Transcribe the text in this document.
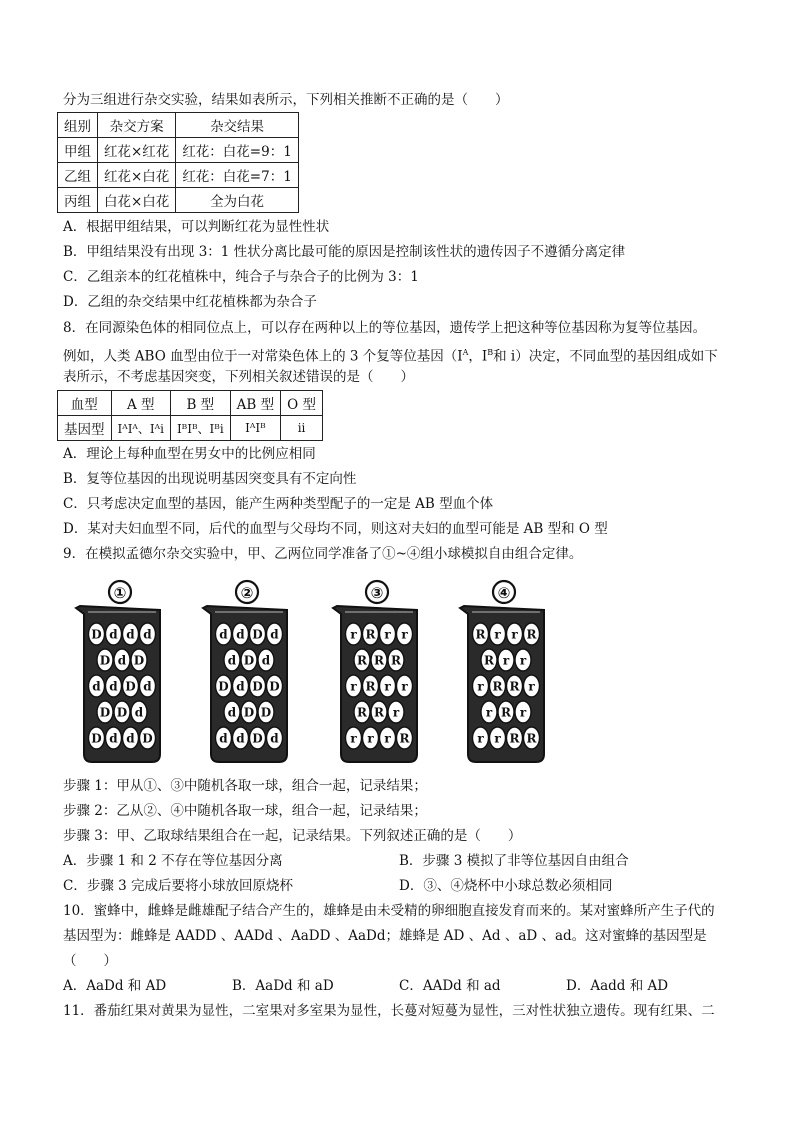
分为三组进行杂交实验，结果如表所示，下列相关推断不正确的是（　　）
组别	杂交方案	杂交结果
甲组	红花×红花	红花：白花=9：1
乙组	红花×白花	红花：白花=7：1
丙组	白花×白花	全为白花
A．根据甲组结果，可以判断红花为显性性状
B．甲组结果没有出现 3：1 性状分离比最可能的原因是控制该性状的遗传因子不遵循分离定律
C．乙组亲本的红花植株中，纯合子与杂合子的比例为 3：1
D．乙组的杂交结果中红花植株都为杂合子
8．在同源染色体的相同位点上，可以存在两种以上的等位基因，遗传学上把这种等位基因称为复等位基因。
例如，人类 ABO 血型由位于一对常染色体上的 3 个复等位基因（$I^A$，$I^B$和 i）决定，不同血型的基因组成如下
表所示，不考虑基因突变，下列相关叙述错误的是（　　）
血型	A 型	B 型	AB 型	O 型
基因型	IᴬIᴬ、Iᴬi	IᴮIᴮ、Iᴮi	IᴬIᴮ	ii
A．理论上每种血型在男女中的比例应相同
B．复等位基因的出现说明基因突变具有不定向性
C．只考虑决定血型的基因，能产生两种类型配子的一定是 AB 型血个体
D．某对夫妇血型不同，后代的血型与父母均不同，则这对夫妇的血型可能是 AB 型和 O 型
9．在模拟孟德尔杂交实验中，甲、乙两位同学准备了①~④组小球模拟自由组合定律。
①
D d d d
D d D
d d D d
D D d
D d d D
②
d d D d
d D d
D d D D
d D D
d d D d
③
r R r r
R R R
r R r r
R R r
r r r R
④
R r r R
R r r
r R R r
r R r
r r R R
步骤 1：甲从①、③中随机各取一球，组合一起，记录结果；
步骤 2：乙从②、④中随机各取一球，组合一起，记录结果；
步骤 3：甲、乙取球结果组合在一起，记录结果。下列叙述正确的是（　　）
A．步骤 1 和 2 不存在等位基因分离	B．步骤 3 模拟了非等位基因自由组合
C．步骤 3 完成后要将小球放回原烧杯	D．③、④烧杯中小球总数必须相同
10．蜜蜂中，雌蜂是雌雄配子结合产生的，雄蜂是由未受精的卵细胞直接发育而来的。某对蜜蜂所产生子代的
基因型为：雌蜂是 AADD 、AADd 、AaDD 、AaDd；雄蜂是 AD 、Ad 、aD 、ad。这对蜜蜂的基因型是
（　　）
A．AaDd 和 AD	B．AaDd 和 aD	C．AADd 和 ad	D．Aadd 和 AD
11．番茄红果对黄果为显性，二室果对多室果为显性，长蔓对短蔓为显性，三对性状独立遗传。现有红果、二
